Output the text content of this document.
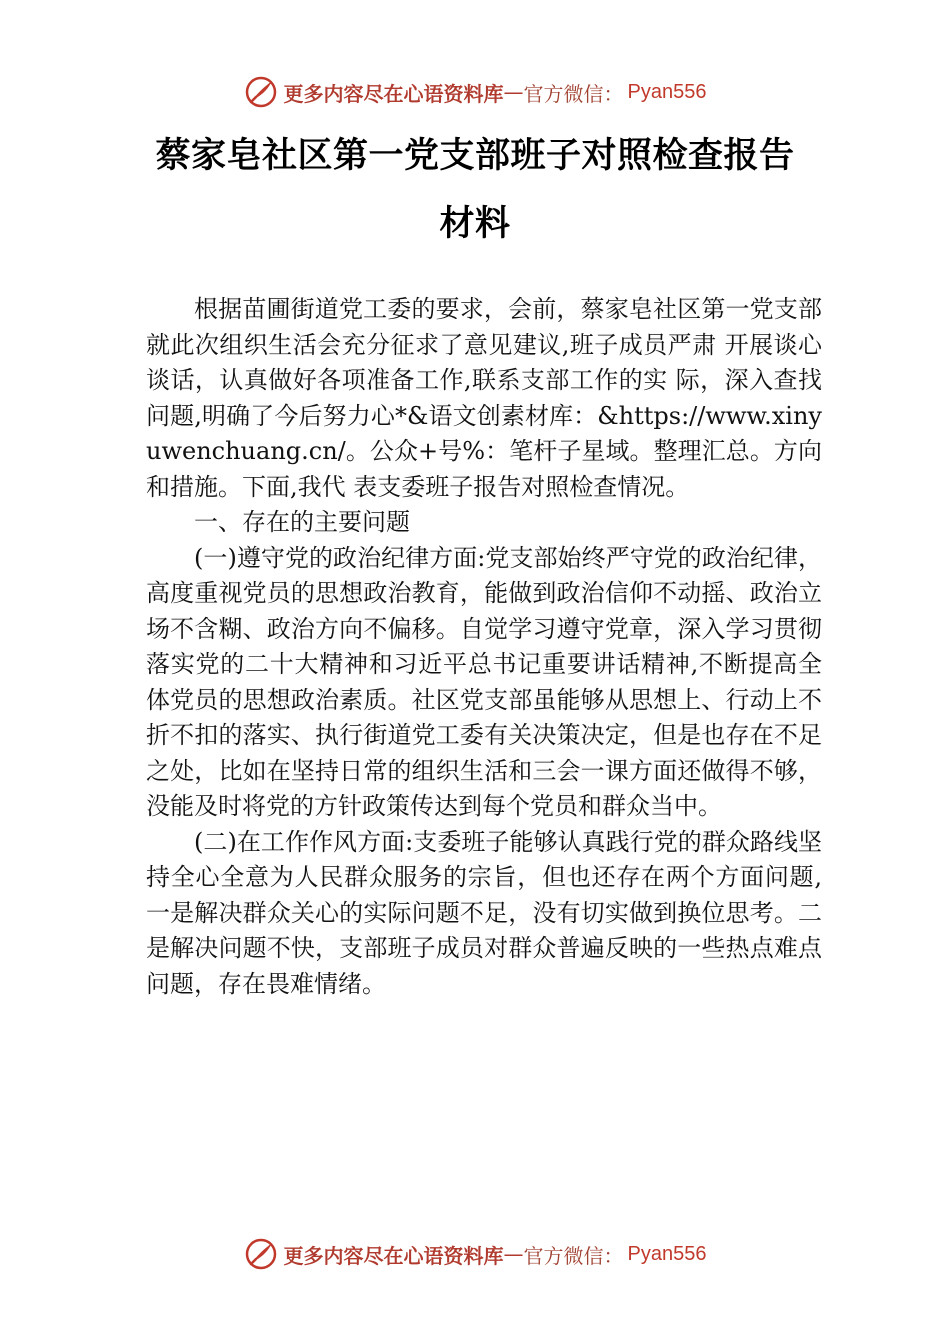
更多内容尽在心语资料库 — 官方微信 ： Pyan556
蔡家皂社区第一党支部班子对照检查报告
材料

根据苗圃街道党工委的要求，会前，蔡家皂社区第一党支部就此次组织生活会充分征求了意见建议,班子成员严肃 开展谈心谈话，认真做好各项准备工作,联系支部工作的实 际，深入查找问题,明确了今后努力心*&语文创素材库：&https://www.xinyuwenchuang.cn/。公众+号%：笔杆子星域。整理汇总。方向和措施。下面,我代 表支委班子报告对照检查情况。

一、存在的主要问题

(一)遵守党的政治纪律方面:党支部始终严守党的政治纪律，高度重视党员的思想政治教育，能做到政治信仰不动摇、政治立场不含糊、政治方向不偏移。自觉学习遵守党章，深入学习贯彻落实党的二十大精神和习近平总书记重要讲话精神,不断提高全体党员的思想政治素质。社区党支部虽能够从思想上、行动上不折不扣的落实、执行街道党工委有关决策决定，但是也存在不足之处，比如在坚持日常的组织生活和三会一课方面还做得不够，没能及时将党的方针政策传达到每个党员和群众当中。

(二)在工作作风方面:支委班子能够认真践行党的群众路线坚持全心全意为人民群众服务的宗旨，但也还存在两个方面问题,一是解决群众关心的实际问题不足，没有切实做到换位思考。二是解决问题不快，支部班子成员对群众普遍反映的一些热点难点问题，存在畏难情绪。

更多内容尽在心语资料库 — 官方微信 ： Pyan556
